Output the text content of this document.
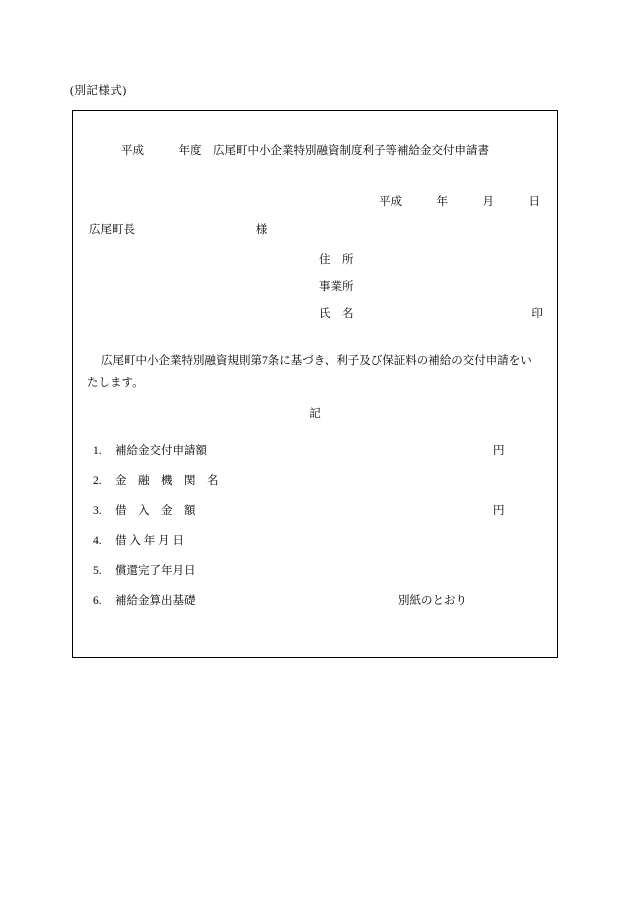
(別記様式)
平成　　　年度　広尾町中小企業特別融資制度利子等補給金交付申請書
平成　　　年　　　月　　　日
広尾町長	様
住　所
事業所
氏　名	印
広尾町中小企業特別融資規則第7条に基づき、利子及び保証料の補給の交付申請をいたします。
記
1. 補給金交付申請額	円
2. 金　融　機　関　名
3. 借　入　金　額	円
4. 借 入 年 月 日
5. 償還完了年月日
6. 補給金算出基礎	別紙のとおり
